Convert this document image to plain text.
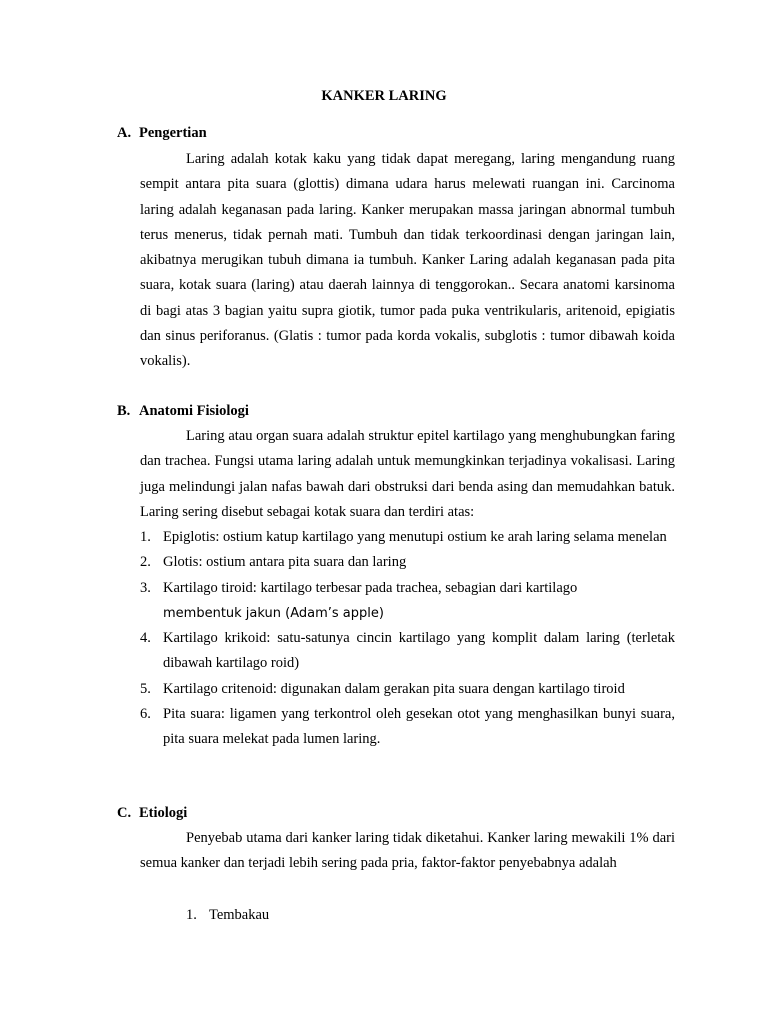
KANKER LARING
A. Pengertian

Laring adalah kotak kaku yang tidak dapat meregang, laring mengandung ruang sempit antara pita suara (glottis) dimana udara harus melewati ruangan ini. Carcinoma laring adalah keganasan pada laring. Kanker merupakan massa jaringan abnormal tumbuh terus menerus, tidak pernah mati. Tumbuh dan tidak terkoordinasi dengan jaringan lain, akibatnya merugikan tubuh dimana ia tumbuh. Kanker Laring adalah keganasan pada pita suara, kotak suara (laring) atau daerah lainnya di tenggorokan.. Secara anatomi karsinoma di bagi atas 3 bagian yaitu supra giotik, tumor pada puka ventrikularis, aritenoid, epigiatis dan sinus periforanus. (Glatis : tumor pada korda vokalis, subglotis : tumor dibawah koida vokalis).

B. Anatomi Fisiologi

Laring atau organ suara adalah struktur epitel kartilago yang menghubungkan faring dan trachea. Fungsi utama laring adalah untuk memungkinkan terjadinya vokalisasi. Laring juga melindungi jalan nafas bawah dari obstruksi dari benda asing dan memudahkan batuk. Laring sering disebut sebagai kotak suara dan terdiri atas:

1. Epiglotis: ostium katup kartilago yang menutupi ostium ke arah laring selama menelan
2. Glotis: ostium antara pita suara dan laring
3. Kartilago tiroid: kartilago terbesar pada trachea, sebagian dari kartilago
membentuk jakun (Adam’s apple)
4. Kartilago krikoid: satu-satunya cincin kartilago yang komplit dalam laring (terletak dibawah kartilago roid)
5. Kartilago critenoid: digunakan dalam gerakan pita suara dengan kartilago tiroid
6. Pita suara: ligamen yang terkontrol oleh gesekan otot yang menghasilkan bunyi suara, pita suara melekat pada lumen laring.
C. Etiologi

Penyebab utama dari kanker laring tidak diketahui. Kanker laring mewakili 1% dari semua kanker dan terjadi lebih sering pada pria, faktor-faktor penyebabnya adalah

1. Tembakau
